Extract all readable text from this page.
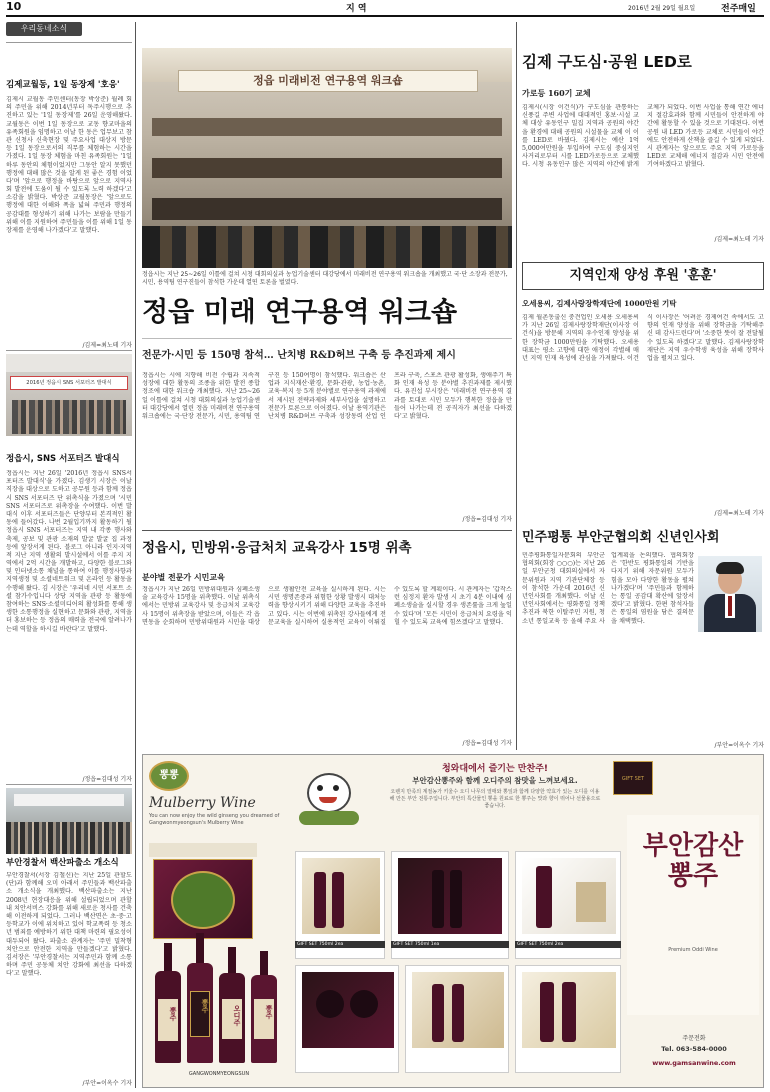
10	지 역	2016년 2월 29일 월요일	전주매일
우리동네소식
김제교월동, 1일 동장제 '호응'
김제시 교월동 주민센터(동장 박상준) 월례 회의 주민을 위해 2014년부터 독주시행으로 추진하고 있는 '1일 동장제'를 26일 운영해왔다. 교월동은 이번 1일 동장으로 교동 향교마을의 유족회원을 임명하고 이날 한 동은 업무보고 참관 신청사 신축현장 및 주요사업 대상지 방문 등 1일 동장으로서의 직무를 체험하는 시간을 가졌다. 1일 동장 체험을 마친 유족회원는 '1일 하루 동안의 체험이었지만 그동안 알지 못했던 행정에 대해 많은 것을 알게 된 좋은 경험 이었다'며 '앞으로 행정을 바탕으로 앞으로 지역사회 발전에 도움이 될 수 있도록 노력 하겠다'고 소감을 밝혔다. 박상준 교월동장은 '앞으로도 행정에 대한 이해와 폭을 넓혀 주민과 행정의 공감대를 형성하기 위해 나가는 보람을 만들기 위해 이를 지원하여 주민들을 이를 위해 1일 동장제를 운영해 나가겠다'고 말했다.
/김제=최노테 기자
2016년 정읍시 SNS 서포터즈 발대식
정읍시, SNS 서포터즈 발대식
정읍시는 지난 26일 '2016년 정읍시 SNS서포터즈 발대식'을 가졌다. 김생기 시장은 이날 직장을 대상으로 도하고 공무원 등과 함께 정읍시 SNS 서포터즈 단 위촉식을 가졌으며 '시민 SNS 서포터즈로 위촉장을 수여했다. 이번 발대식 이후 서포터즈들은 단양부터 본격적인 활동에 들어갔다. 나번 2월입기까지 활동하기 될 정읍시 SNS 서포터즈는 지역 내 각종 행사와 축제, 공보 및 관광 소재의 발굴 발굴 집 과정 등에 앞장서게 된다. 블로그 아니라 인지·지역적 지난 지역 생활의 발시설에서 이를 주지 지역에서 2억 시간을 개발하고, 다양한 블로그와 및 인터넷소통 채널을 통하여 이를 행정사항과 지역생정 및 소셜네트워크 및 온라인 등 활동을 수행해 왔다. 김 시장은 '우리네 시민 서포트 소셜 참가수입니다 상당 지역을 관광 등 활동에 참여하는 SNS·소셜미디어의 활성화를 통해 생생한 소통행정을 실현하고 문화와 관광, 지역을 더 홍보하는 등 정읍의 매력을 전국에 알려나가는데 역할을 하시길 바란다'고 말했다.
/정읍=김대성 기자
부안경찰서 백산파출소 개소식
부안경찰서(서장 김철신)는 지난 25일 관할도(단)과 함께해 오미 아래서 주민들과 백산파출소 개소식을 개최했다. 백산파출소는 지난 2008년 현장대응을 위해 설립되었으며 관할 내 치안서비스 강화를 위해 새로운 청사를 건축해 이전하게 되었다. 그러나 백산면은 초·중·고등학교가 이에 위치하고 있어 학교폭력 등 청소년 범죄를 예방하기 위한 대책 마련의 필요성이 대두되어 왔다. 파출소 관계자는 '주민 밀착형 치안으로 안전한 지역을 만들겠다'고 밝혔다. 김서장은 '부안경찰서는 지역주민과 함께 소통하며 주민 공동체 치안 강화에 최선을 다하겠다'고 말했다.
/부안=이옥수 기자
정읍 미래비전 연구용역 워크숍
정읍시는 지난 25~26일 이틀에 걸쳐 시청 대회의실과 농업기술센터 대강당에서 미래비전 연구용역 워크숍을 개최했고 국·단 소장과 전문가, 시민, 용역팀 연구진들이 참석한 가운데 열띤 토론을 벌였다.
정읍 미래 연구용역 워크숍
전문가·시민 등 150명 참석… 난치병 R&D허브 구축 등 추진과제 제시
정읍시는 시에 지향해 비전 수립과 지속적 성장에 대한 활동의 조종을 위한 발전 종합정조에 대한 워크숍 개최했다. 지난 25~26일 이틀에 걸쳐 시청 대회의실과 농업기술센터 대강당에서 열린 정읍 미래비전 연구용역 워크숍에는 국·단장 전문가, 시민, 용역팀 연구진 등 150여명이 참석했다. 워크숍은 산업과 지식재산·환경, 문화·관광, 농업·농촌, 교육·복지 등 5개 분야별로 연구용역 과제에서 제시된 전략과제와 세부사업을 설명하고 전문가 토론으로 이어졌다. 이날 용역기관은 난치병 R&D허브 구축과 성장동력 산업 인프라 구축, 스포츠 관광 활성화, 생애주기 특화 인재 육성 등 분야별 추진과제를 제시했다. 유진섭 부시장은 '미래비전 연구용역 결과를 토대로 시민 모두가 행복한 정읍을 만들어 나가는데 전 공직자가 최선을 다하겠다'고 밝혔다.
/정읍=김대성 기자
정읍시, 민방위·응급처치 교육강사 15명 위촉
분야별 전문가 시민교육
정읍시가 지난 26일 민방위대원과 심폐소생술 교육강사 15명을 위촉했다. 이날 위촉식에서는 민방위 교육강사 및 응급처치 교육강사 15명이 위촉장을 받았으며, 이들은 각 읍면동을 순회하며 민방위대원과 시민을 대상으로 생활안전 교육을 실시하게 된다. 시는 시민 생명존중과 위험한 상황 발생시 대처능력을 향상시키기 위해 다양한 교육을 추진하고 있다. 시는 이번에 위촉된 강사들에게 전문교육을 실시하여 실용적인 교육이 이뤄질 수 있도록 할 계획이다. 시 관계자는 '갑작스런 심정지 환자 발생 시 초기 4분 이내에 심폐소생술을 실시할 경우 생존률을 크게 높일 수 있다'며 '모든 시민이 응급처치 요령을 익힐 수 있도록 교육에 힘쓰겠다'고 말했다.
/정읍=김대성 기자
김제 구도심·공원 LED로
가로등 160기 교체
김제시(시장 이건식)가 구도심을 관통하는 신풍길 주변 사업에 대대적인 홍보·시설 교체 대상 유동인구 밀집 지역과 공원의 야간을 환경에 대해 공원의 시설물을 교체 이 이를 LED로 바꿨다. 김제시는 예산 1억 5,000여만원을 투입하여 구도심 중심지인 사거리로부터 시를 LED가로등으로 교체했다. 시청 유동인구 많은 지역의 야간에 밝게 교체가 되었다. 이번 사업을 통해 연간 에너지 절감효과와 함께 시민들이 안전하게 야간에 활동할 수 있을 것으로 기대된다. 이번 공원 내 LED 가로등 교체로 시민들이 야간에도 안전하게 산책을 즐길 수 있게 되었다. 시 관계자는 앞으로도 주요 지역 가로등을 LED로 교체해 에너지 절감과 시민 안전에 기여하겠다고 밝혔다.
/김제=최노테 기자
지역인재 양성 후원 '훈훈'
오세용씨, 김제사랑장학재단에 1000만원 기탁
김제 월촌동출신 중견업인 오세용 오세용씨가 지난 26일 김제사랑장학재단(이사장 이건식)을 방문해 지역의 우수인재 양성을 위한 장학금 1000만원을 기탁했다. 오세용 대표는 평소 고향에 대한 애정이 각별해 매년 지역 인재 육성에 관심을 가져왔다. 이건식 이사장은 '어려운 경제여건 속에서도 고향의 인재 양성을 위해 장학금을 기탁해주신 데 감사드린다'며 '소중한 뜻이 잘 전달될 수 있도록 하겠다'고 말했다. 김제사랑장학재단은 지역 우수학생 육성을 위해 장학사업을 펼치고 있다.
/김제=최노테 기자
민주평통 부안군협의회 신년인사회
민주평화통일자문회의 부안군협의회(회장 ○○○)는 지난 26일 부안군청 대회의실에서 자문위원과 지역 기관단체장 등이 참석한 가운데 2016년 신년인사회를 개최했다. 이날 신년인사회에서는 평화통일 정책 추진과 북한 이탈주민 지원, 청소년 통일교육 등 올해 주요 사업계획을 논의했다. 협의회장은 '한반도 평화통일의 기반을 다지기 위해 자문위원 모두가 힘을 모아 다양한 활동을 펼쳐 나가겠다'며 '주민들과 함께하는 통일 공감대 확산에 앞장서겠다'고 밝혔다. 한편 참석자들은 통일의 염원을 담은 결의문을 채택했다.
/부안=이옥수 기자
뽕뽕
Mulberry Wine
You can now enjoy the wild ginseng you dreamed of Gangwonmyeongsun's Mulberry Wine
청와대에서 즐기는 만찬주!
부안감산뽕주와 함께 오디주의 참맛을 느껴보세요.
오렌지 만족의 계절농가 키울수 오디 나무의 열매와 뽕잎과 함께 다양한 약효가 있는 오디를 이용해 만든 부안 전통주입니다. 부안의 특산물인 뽕을 원료로 한 뽕주는 맛과 향이 뛰어나 선물용으로 좋습니다.
GIFT SET
뽕주
뽕주	오디주	뽕주
GANGWONMYEONGSUN
GIFT SET 750ml 2ea	GIFT SET 750ml 1ea	GIFT SET 750ml 2ea
부안감산 뽕주
Premium Oddi Wine
주문전화
Tel. 063-584-0000
www.gamsanwine.com
